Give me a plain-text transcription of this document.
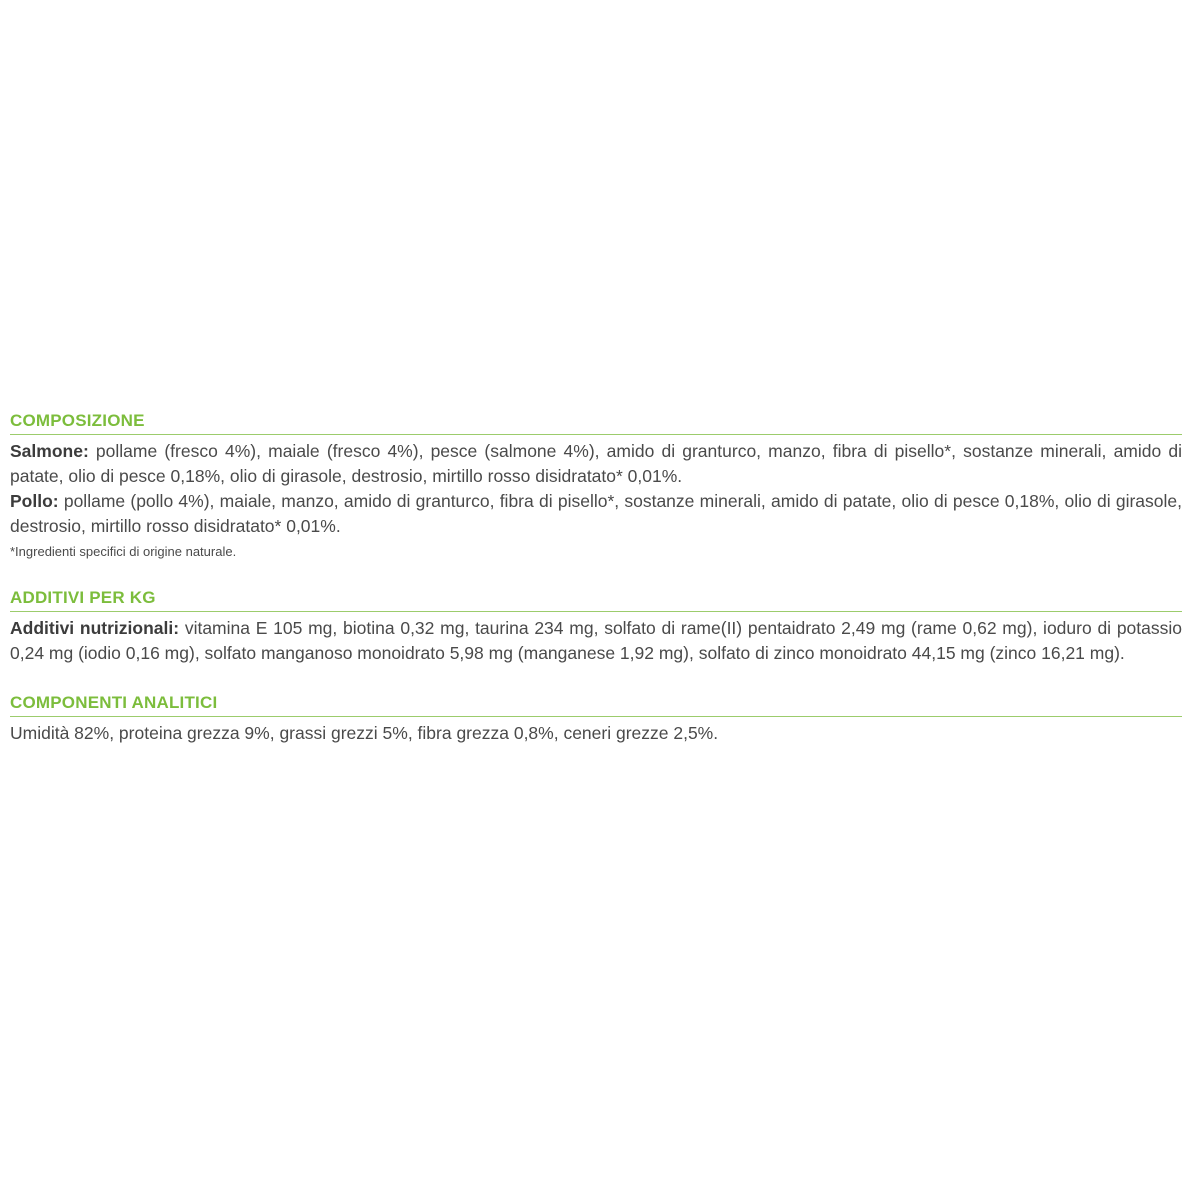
COMPOSIZIONE

Salmone: pollame (fresco 4%), maiale (fresco 4%), pesce (salmone 4%), amido di granturco, manzo, fibra di pisello*, sostanze minerali, amido di patate, olio di pesce 0,18%, olio di girasole, destrosio, mirtillo rosso disidratato* 0,01%.

Pollo: pollame (pollo 4%), maiale, manzo, amido di granturco, fibra di pisello*, sostanze minerali, amido di patate, olio di pesce 0,18%, olio di girasole, destrosio, mirtillo rosso disidratato* 0,01%.

*Ingredienti specifici di origine naturale.

ADDITIVI PER KG

Additivi nutrizionali: vitamina E 105 mg, biotina 0,32 mg, taurina 234 mg, solfato di rame(II) pentaidrato 2,49 mg (rame 0,62 mg), ioduro di potassio 0,24 mg (iodio 0,16 mg), solfato manganoso monoidrato 5,98 mg (manganese 1,92 mg), solfato di zinco monoidrato 44,15 mg (zinco 16,21 mg).

COMPONENTI ANALITICI

Umidità 82%, proteina grezza 9%, grassi grezzi 5%, fibra grezza 0,8%, ceneri grezze 2,5%.
